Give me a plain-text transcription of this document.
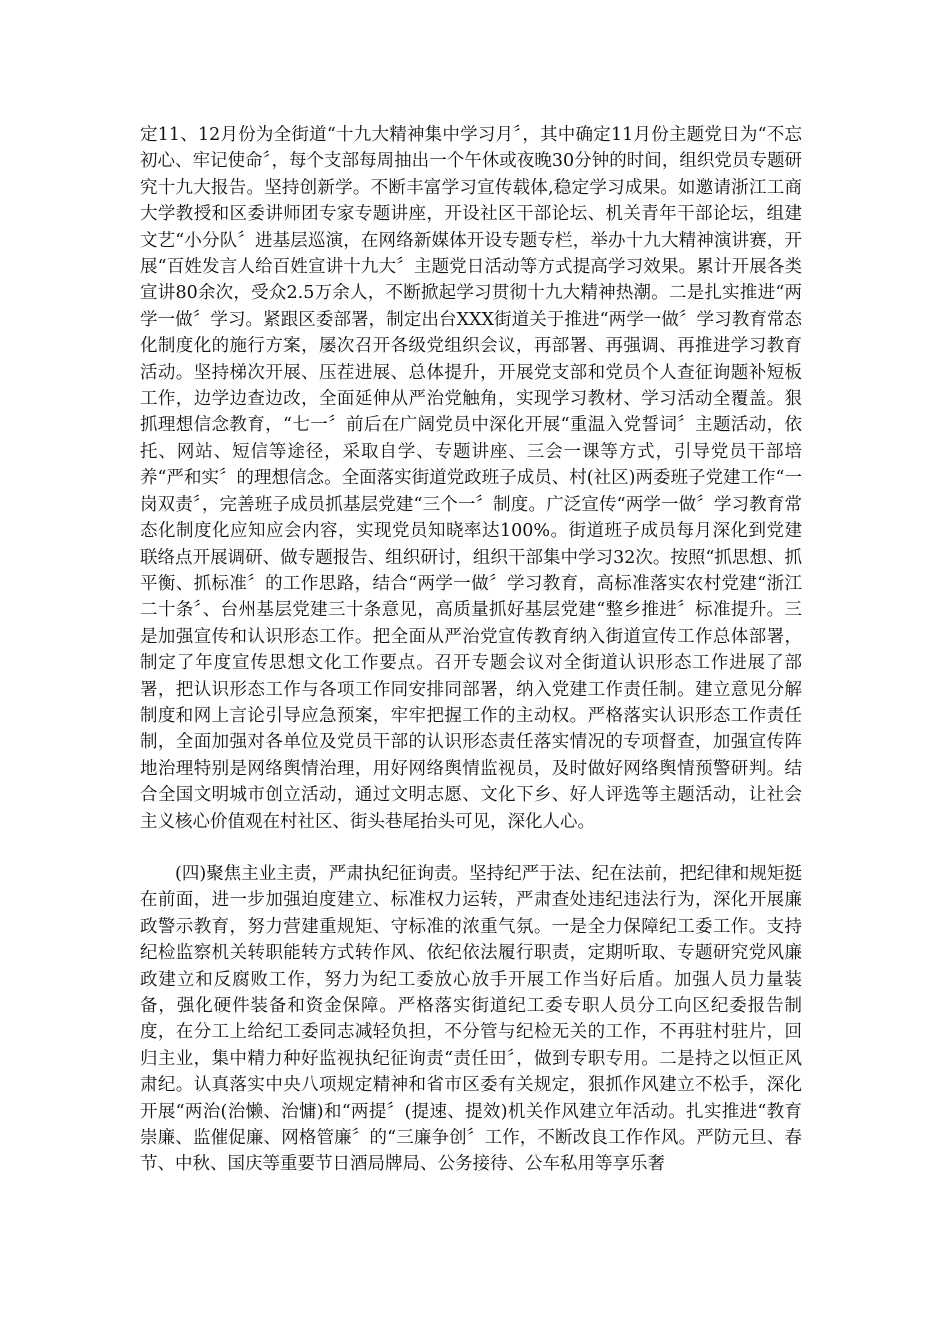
定11、12月份为全街道“十九大精神集中学习月〞，其中确定11月份主题党日为“不忘初心、牢记使命〞，每个支部每周抽出一个午休或夜晚30分钟的时间，组织党员专题研究十九大报告。坚持创新学。不断丰富学习宣传载体,稳定学习成果。如邀请浙江工商大学教授和区委讲师团专家专题讲座，开设社区干部论坛、机关青年干部论坛，组建文艺“小分队〞进基层巡演，在网络新媒体开设专题专栏，举办十九大精神演讲赛，开展“百姓发言人给百姓宣讲十九大〞主题党日活动等方式提高学习效果。累计开展各类宣讲80余次，受众2.5万余人，不断掀起学习贯彻十九大精神热潮。二是扎实推进“两学一做〞学习。紧跟区委部署，制定出台XXX街道关于推进“两学一做〞学习教育常态化制度化的施行方案，屡次召开各级党组织会议，再部署、再强调、再推进学习教育活动。坚持梯次开展、压茬进展、总体提升，开展党支部和党员个人查征询题补短板工作，边学边查边改，全面延伸从严治党触角，实现学习教材、学习活动全覆盖。狠抓理想信念教育，“七一〞前后在广阔党员中深化开展“重温入党誓词〞主题活动，依托、网站、短信等途径，采取自学、专题讲座、三会一课等方式，引导党员干部培养“严和实〞的理想信念。全面落实街道党政班子成员、村(社区)两委班子党建工作“一岗双责〞，完善班子成员抓基层党建“三个一〞制度。广泛宣传“两学一做〞学习教育常态化制度化应知应会内容，实现党员知晓率达100%。街道班子成员每月深化到党建联络点开展调研、做专题报告、组织研讨，组织干部集中学习32次。按照“抓思想、抓平衡、抓标准〞的工作思路，结合“两学一做〞学习教育，高标准落实农村党建“浙江二十条〞、台州基层党建三十条意见，高质量抓好基层党建“整乡推进〞标准提升。三是加强宣传和认识形态工作。把全面从严治党宣传教育纳入街道宣传工作总体部署，制定了年度宣传思想文化工作要点。召开专题会议对全街道认识形态工作进展了部署，把认识形态工作与各项工作同安排同部署，纳入党建工作责任制。建立意见分解制度和网上言论引导应急预案，牢牢把握工作的主动权。严格落实认识形态工作责任制，全面加强对各单位及党员干部的认识形态责任落实情况的专项督查，加强宣传阵地治理特别是网络舆情治理，用好网络舆情监视员，及时做好网络舆情预警研判。结合全国文明城市创立活动，通过文明志愿、文化下乡、好人评选等主题活动，让社会主义核心价值观在村社区、街头巷尾抬头可见，深化人心。

(四)聚焦主业主责，严肃执纪征询责。坚持纪严于法、纪在法前，把纪律和规矩挺在前面，进一步加强迫度建立、标准权力运转，严肃查处违纪违法行为，深化开展廉政警示教育，努力营建重规矩、守标准的浓重气氛。一是全力保障纪工委工作。支持纪检监察机关转职能转方式转作风、依纪依法履行职责，定期听取、专题研究党风廉政建立和反腐败工作，努力为纪工委放心放手开展工作当好后盾。加强人员力量装备，强化硬件装备和资金保障。严格落实街道纪工委专职人员分工向区纪委报告制度，在分工上给纪工委同志减轻负担，不分管与纪检无关的工作，不再驻村驻片，回归主业，集中精力种好监视执纪征询责“责任田〞，做到专职专用。二是持之以恒正风肃纪。认真落实中央八项规定精神和省市区委有关规定，狠抓作风建立不松手，深化开展“两治(治懒、治慵)和“两提〞(提速、提效)机关作风建立年活动。扎实推进“教育崇廉、监催促廉、网格管廉〞的“三廉争创〞工作，不断改良工作作风。严防元旦、春节、中秋、国庆等重要节日酒局牌局、公务接待、公车私用等享乐奢
